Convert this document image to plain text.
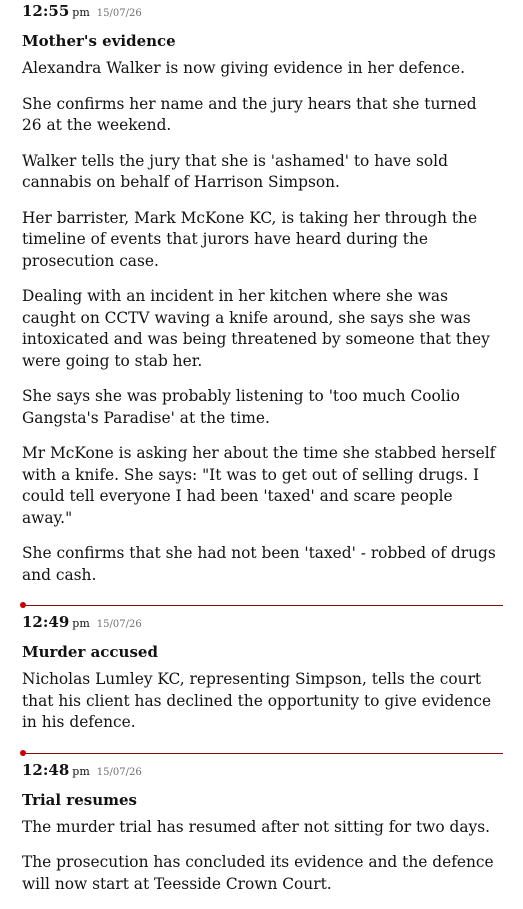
12:55 pm 15/07/26
Mother's evidence

Alexandra Walker is now giving evidence in her defence.

She confirms her name and the jury hears that she turned 26 at the weekend.

Walker tells the jury that she is 'ashamed' to have sold cannabis on behalf of Harrison Simpson.

Her barrister, Mark McKone KC, is taking her through the timeline of events that jurors have heard during the prosecution case.

Dealing with an incident in her kitchen where she was caught on CCTV waving a knife around, she says she was intoxicated and was being threatened by someone that they were going to stab her.

She says she was probably listening to 'too much Coolio Gangsta's Paradise' at the time.

Mr McKone is asking her about the time she stabbed herself with a knife. She says: "It was to get out of selling drugs. I could tell everyone I had been 'taxed' and scare people away."

She confirms that she had not been 'taxed' - robbed of drugs and cash.

12:49 pm 15/07/26
Murder accused

Nicholas Lumley KC, representing Simpson, tells the court that his client has declined the opportunity to give evidence in his defence.

12:48 pm 15/07/26
Trial resumes

The murder trial has resumed after not sitting for two days.

The prosecution has concluded its evidence and the defence will now start at Teesside Crown Court.
